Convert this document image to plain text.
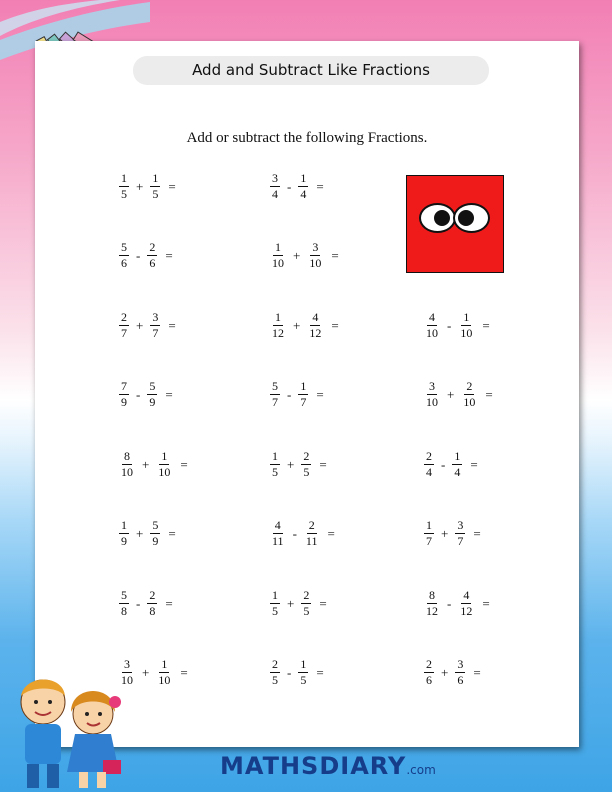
Add and Subtract Like Fractions
Add or subtract the following Fractions.
$\frac{1}{5} + \frac{1}{5}$ =	$\frac{3}{4} - \frac{1}{4}$ =
$\frac{5}{6} - \frac{2}{6}$ =	$\frac{1}{10} + \frac{3}{10}$ =
$\frac{2}{7} + \frac{3}{7}$ =	$\frac{1}{12} + \frac{4}{12}$ =	$\frac{4}{10} - \frac{1}{10}$ =
$\frac{7}{9} - \frac{5}{9}$ =	$\frac{5}{7} - \frac{1}{7}$ =	$\frac{3}{10} + \frac{2}{10}$ =
$\frac{8}{10} + \frac{1}{10}$ =	$\frac{1}{5} + \frac{2}{5}$ =	$\frac{2}{4} - \frac{1}{4}$ =
$\frac{1}{9} + \frac{5}{9}$ =	$\frac{4}{11} - \frac{2}{11}$ =	$\frac{1}{7} + \frac{3}{7}$ =
$\frac{5}{8} - \frac{2}{8}$ =	$\frac{1}{5} + \frac{2}{5}$ =	$\frac{8}{12} - \frac{4}{12}$ =
$\frac{3}{10} + \frac{1}{10}$ =	$\frac{2}{5} - \frac{1}{5}$ =	$\frac{2}{6} + \frac{3}{6}$ =
MATHSDIARY.com
